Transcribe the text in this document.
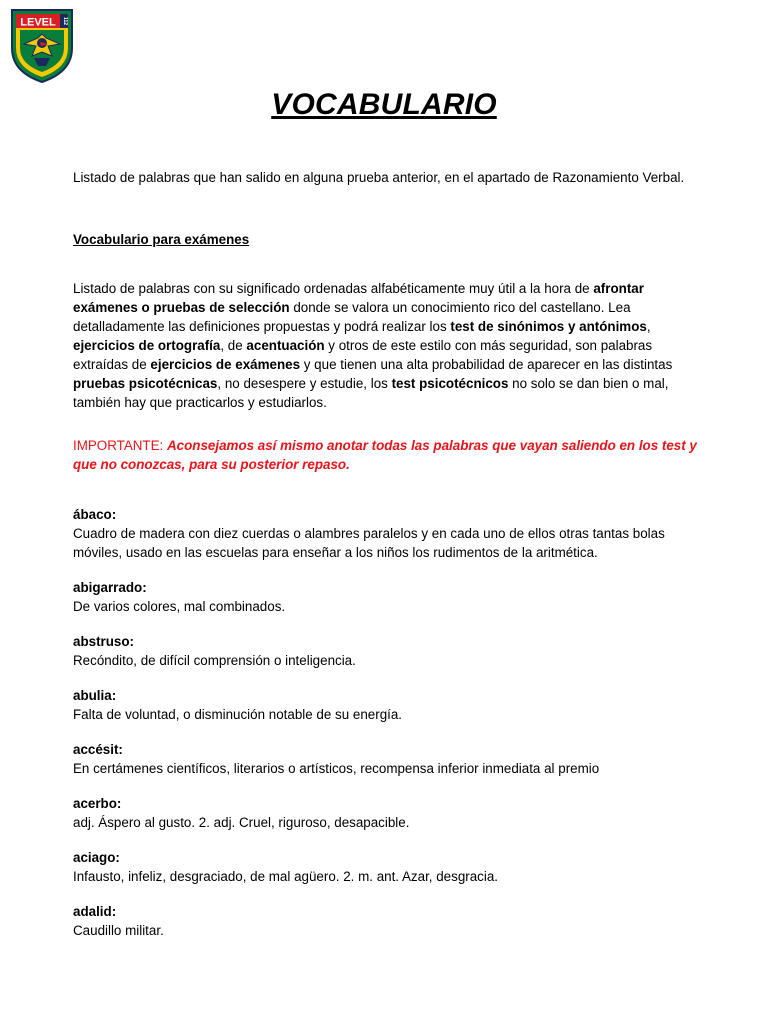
LEVEL 112
VOCABULARIO

Listado de palabras que han salido en alguna prueba anterior, en el apartado de Razonamiento Verbal.

Vocabulario para exámenes

Listado de palabras con su significado ordenadas alfabéticamente muy útil a la hora de afrontar exámenes o pruebas de selección donde se valora un conocimiento rico del castellano. Lea detalladamente las definiciones propuestas y podrá realizar los test de sinónimos y antónimos, ejercicios de ortografía, de acentuación y otros de este estilo con más seguridad, son palabras extraídas de ejercicios de exámenes y que tienen una alta probabilidad de aparecer en las distintas pruebas psicotécnicas, no desespere y estudie, los test psicotécnicos no solo se dan bien o mal, también hay que practicarlos y estudiarlos.

IMPORTANTE: Aconsejamos así mismo anotar todas las palabras que vayan saliendo en los test y que no conozcas, para su posterior repaso.

ábaco:
Cuadro de madera con diez cuerdas o alambres paralelos y en cada uno de ellos otras tantas bolas móviles, usado en las escuelas para enseñar a los niños los rudimentos de la aritmética.
abigarrado:
De varios colores, mal combinados.
abstruso:
Recóndito, de difícil comprensión o inteligencia.
abulia:
Falta de voluntad, o disminución notable de su energía.
accésit:
En certámenes científicos, literarios o artísticos, recompensa inferior inmediata al premio
acerbo:
adj. Áspero al gusto. 2. adj. Cruel, riguroso, desapacible.
aciago:
Infausto, infeliz, desgraciado, de mal agüero. 2. m. ant. Azar, desgracia.
adalid:
Caudillo militar.
